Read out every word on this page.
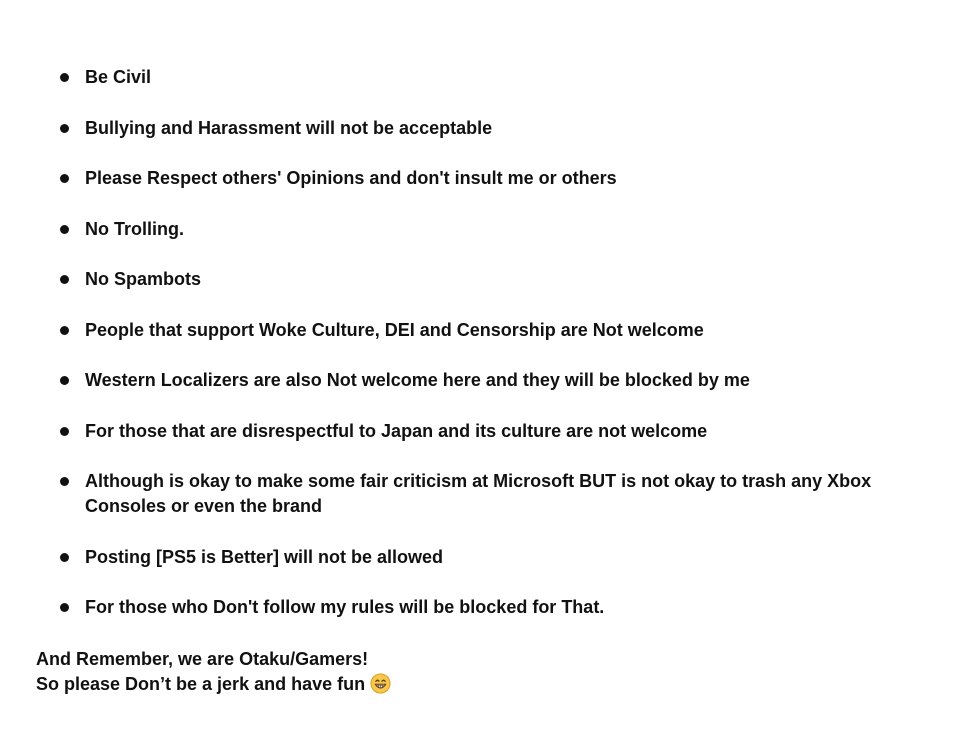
Be Civil
Bullying and Harassment will not be acceptable
Please Respect others' Opinions and don't insult me or others
No Trolling.
No Spambots
People that support Woke Culture, DEI and Censorship are Not welcome
Western Localizers are also Not welcome here and they will be blocked by me
For those that are disrespectful to Japan and its culture are not welcome
Although is okay to make some fair criticism at Microsoft BUT is not okay to trash any Xbox Consoles or even the brand
Posting [PS5 is Better] will not be allowed
For those who Don't follow my rules will be blocked for That.
And Remember, we are Otaku/Gamers!
So please Don’t be a jerk and have fun
